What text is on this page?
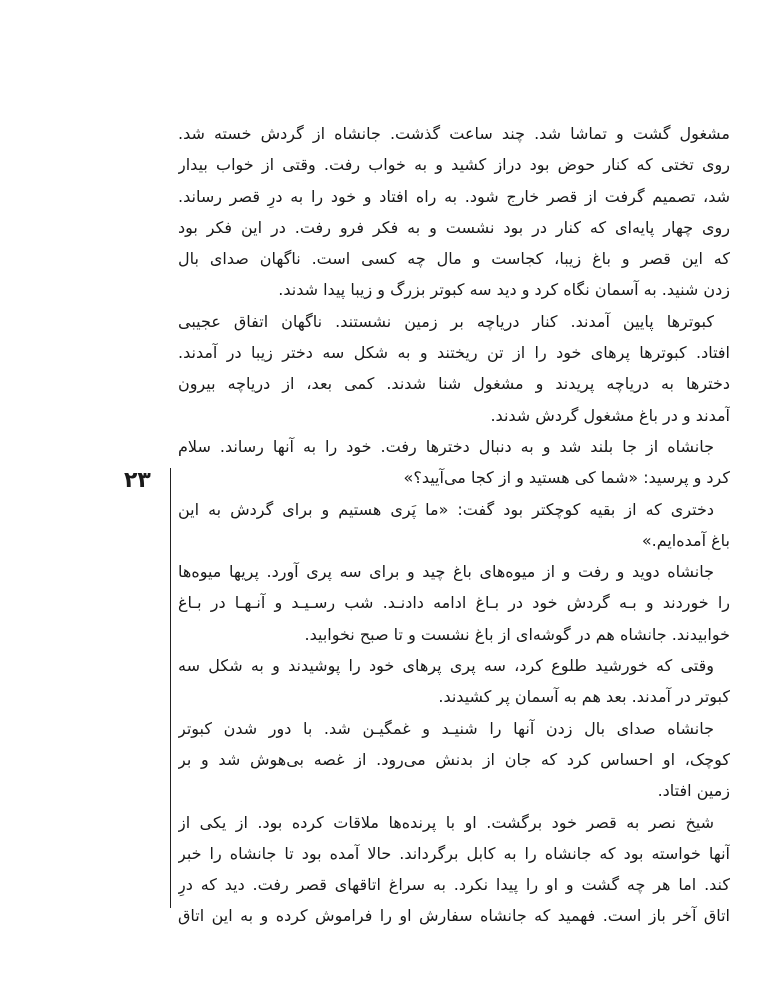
مشغول گشت و تماشا شد. چند ساعت گذشت. جانشاه از گردش خسته شد.
روی تختی که کنار حوض بود دراز کشید و به خواب رفت. وقتی از خواب بیدار
شد، تصمیم گرفت از قصر خارج شود. به راه افتاد و خود را به درِ قصر رساند.
روی چهار پایه‌ای که کنار در بود نشست و به فکر فرو رفت. در این فکر بود
که این قصر و باغ زیبا، کجاست و مال چه کسی است. ناگهان صدای بال
زدن شنید. به آسمان نگاه کرد و دید سه کبوتر بزرگ و زیبا پیدا شدند.
کبوترها پایین آمدند. کنار دریاچه بر زمین نشستند. ناگهان اتفاق عجیبی
افتاد. کبوترها پرهای خود را از تن ریختند و به شکل سه دختر زیبا در آمدند.
دخترها به دریاچه پریدند و مشغول شنا شدند. کمی بعد، از دریاچه بیرون
آمدند و در باغ مشغول گردش شدند.
جانشاه از جا بلند شد و به دنبال دخترها رفت. خود را به آنها رساند. سلام
کرد و پرسید: «شما کی هستید و از کجا می‌آیید؟»
دختری که از بقیه کوچکتر بود گفت: «ما پَری هستیم و برای گردش به این
باغ آمده‌ایم.»
جانشاه دوید و رفت و از میوه‌های باغ چید و برای سه پری آورد. پریها میوه‌ها
را خوردند و بـه گردش خود در بـاغ ادامه دادنـد. شب رسـیـد و آنـهـا در بـاغ
خوابیدند. جانشاه هم در گوشه‌ای از باغ نشست و تا صبح نخوابید.
وقتی که خورشید طلوع کرد، سه پری پرهای خود را پوشیدند و به شکل سه
کبوتر در آمدند. بعد هم به آسمان پر کشیدند.
جانشاه صدای بال زدن آنها را شنیـد و غمگیـن شد. با دور شدن کبوتر
کوچک، او احساس کرد که جان از بدنش می‌رود. از غصه بی‌هوش شد و بر
زمین افتاد.
شیخ نصر به قصر خود برگشت. او با پرنده‌ها ملاقات کرده بود. از یکی از
آنها خواسته بود که جانشاه را به کابل برگرداند. حالا آمده بود تا جانشاه را خبر
کند. اما هر چه گشت و او را پیدا نکرد. به سراغ اتاقهای قصر رفت. دید که درِ
اتاق آخر باز است. فهمید که جانشاه سفارش او را فراموش کرده و به این اتاق
۲۳
